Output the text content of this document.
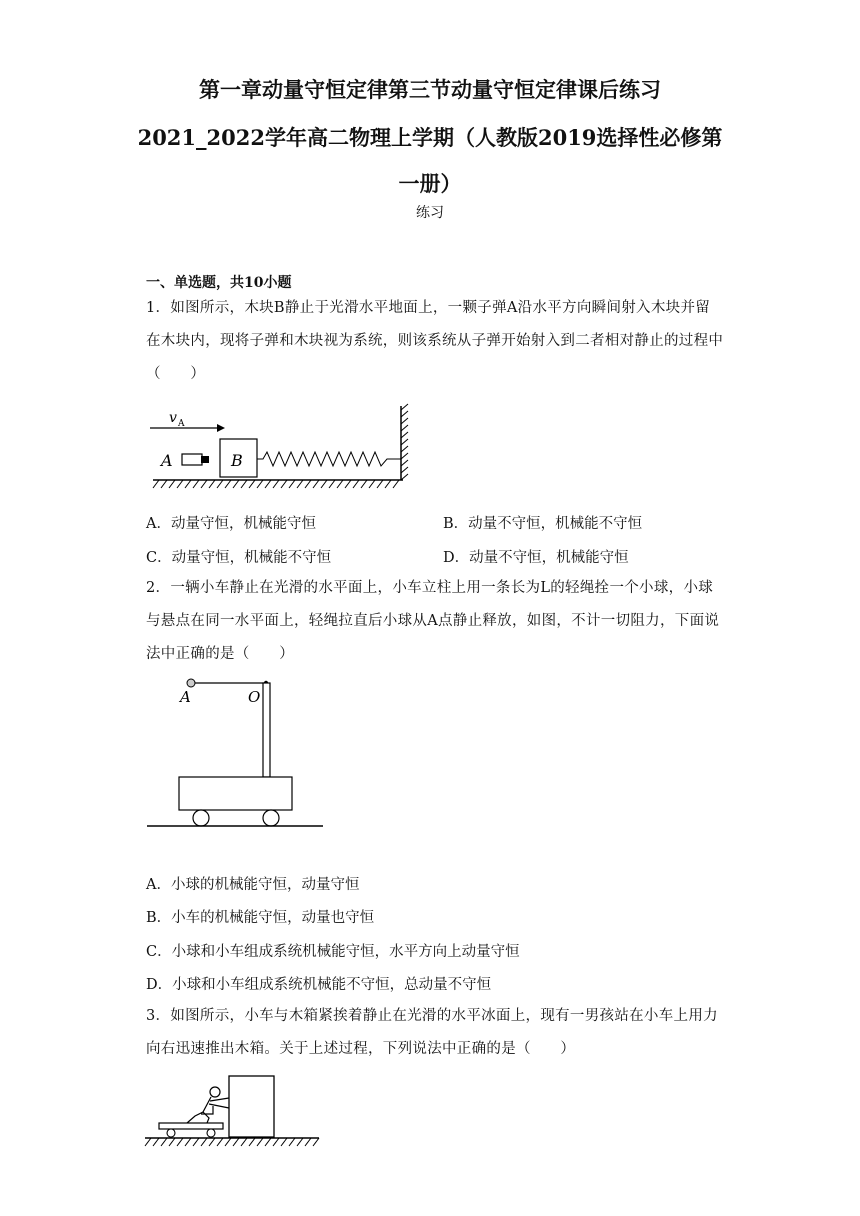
第一章动量守恒定律第三节动量守恒定律课后练习
2021_2022学年高二物理上学期（人教版2019选择性必修第
一册）
练习
一、单选题，共10小题
1．如图所示，木块B静止于光滑水平地面上，一颗子弹A沿水平方向瞬间射入木块并留在木块内，现将子弹和木块视为系统，则该系统从子弹开始射入到二者相对静止的过程中（　　）
v A
A	B
A．动量守恒，机械能守恒	B．动量不守恒，机械能不守恒
C．动量守恒，机械能不守恒	D．动量不守恒，机械能守恒
2．一辆小车静止在光滑的水平面上，小车立柱上用一条长为L的轻绳拴一个小球，小球与悬点在同一水平面上，轻绳拉直后小球从A点静止释放，如图，不计一切阻力，下面说法中正确的是（　　）
A	O
A．小球的机械能守恒，动量守恒
B．小车的机械能守恒，动量也守恒
C．小球和小车组成系统机械能守恒，水平方向上动量守恒
D．小球和小车组成系统机械能不守恒，总动量不守恒
3．如图所示，小车与木箱紧挨着静止在光滑的水平冰面上，现有一男孩站在小车上用力向右迅速推出木箱。关于上述过程，下列说法中正确的是（　　）
